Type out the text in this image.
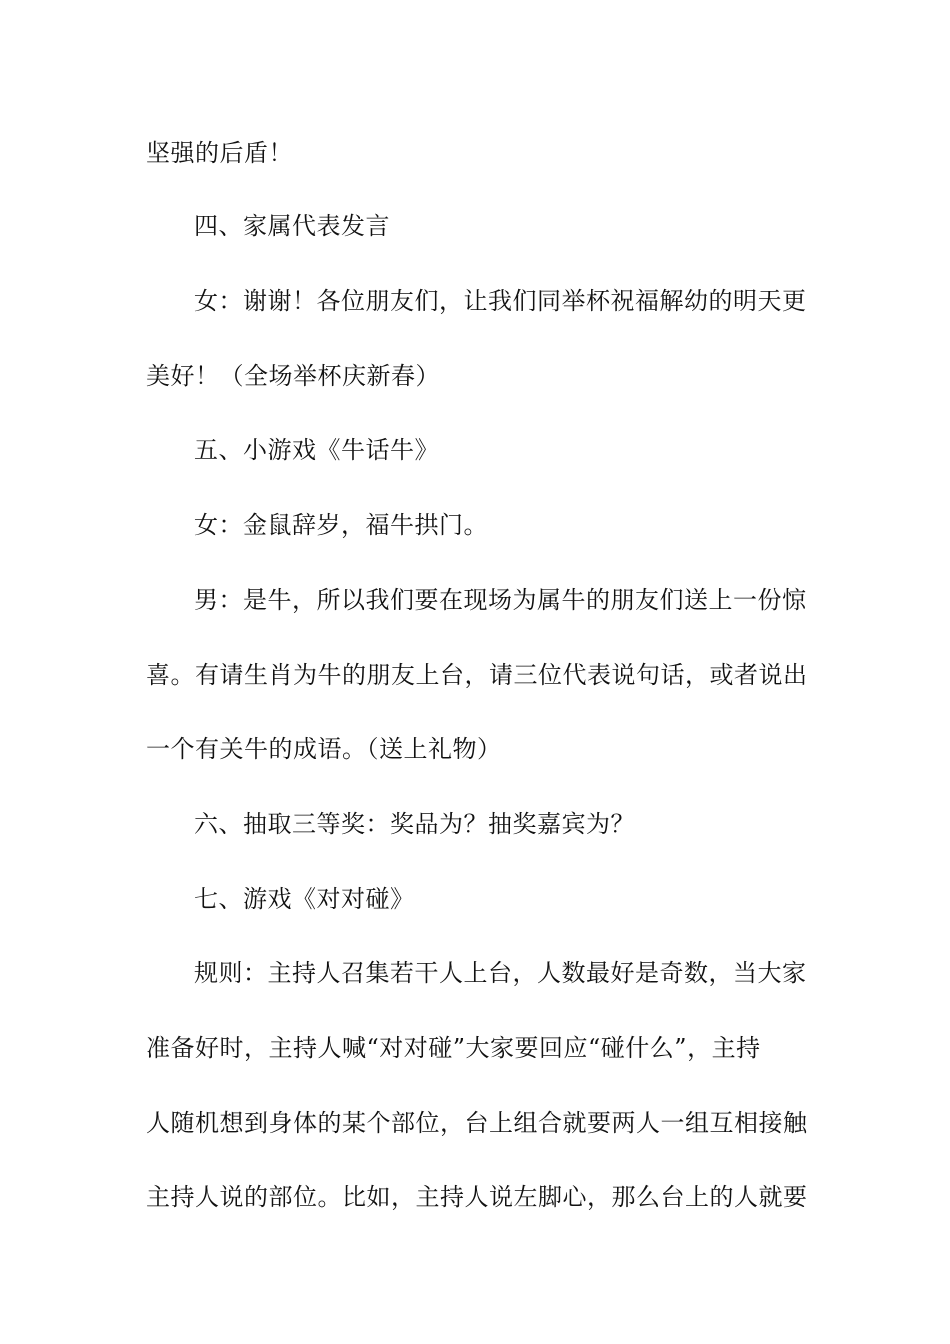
坚强的后盾！
四、家属代表发言
女：谢谢！各位朋友们，让我们同举杯祝福解幼的明天更
美好！（全场举杯庆新春）
五、小游戏《牛话牛》
女：金鼠辞岁，福牛拱门。
男：是牛，所以我们要在现场为属牛的朋友们送上一份惊
喜。有请生肖为牛的朋友上台，请三位代表说句话，或者说出
一个有关牛的成语。（送上礼物）
六、抽取三等奖：奖品为？抽奖嘉宾为？
七、游戏《对对碰》
规则：主持人召集若干人上台，人数最好是奇数，当大家
准备好时，主持人喊“对对碰”大家要回应“碰什么”，主持
人随机想到身体的某个部位，台上组合就要两人一组互相接触
主持人说的部位。比如，主持人说左脚心，那么台上的人就要
